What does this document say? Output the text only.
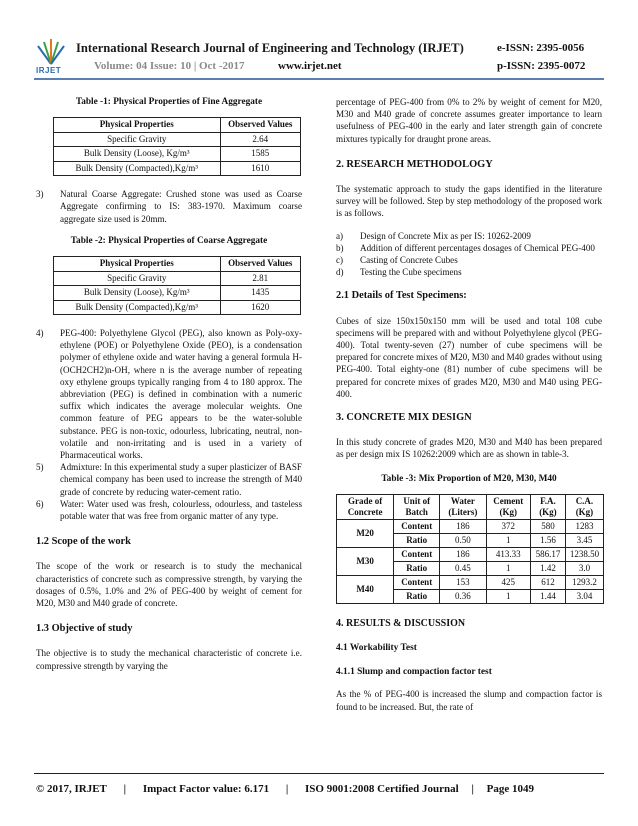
IRJET
International Research Journal of Engineering and Technology (IRJET)	e-ISSN: 2395-0056
Volume: 04 Issue: 10 | Oct -2017	www.irjet.net	p-ISSN: 2395-0072
Table -1: Physical Properties of Fine Aggregate
Physical Properties	Observed Values
Specific Gravity	2.64
Bulk Density (Loose), Kg/m³	1585
Bulk Density (Compacted),Kg/m³	1610
3)	Natural Coarse Aggregate: Crushed stone was used as Coarse Aggregate confirming to IS: 383-1970. Maximum coarse aggregate size used is 20mm.
Table -2: Physical Properties of Coarse Aggregate
Physical Properties	Observed Values
Specific Gravity	2.81
Bulk Density (Loose), Kg/m³	1435
Bulk Density (Compacted),Kg/m³	1620
4)	PEG-400: Polyethylene Glycol (PEG), also known as Poly-oxy-ethylene (POE) or Polyethylene Oxide (PEO), is a condensation polymer of ethylene oxide and water having a general formula H-(OCH2CH2)n-OH, where n is the average number of repeating oxy ethylene groups typically ranging from 4 to 180 approx. The abbreviation (PEG) is defined in combination with a numeric suffix which indicates the average molecular weights. One common feature of PEG appears to be the water-soluble substance. PEG is non-toxic, odourless, lubricating, neutral, non-volatile and non-irritating and is used in a variety of Pharmaceutical works.
5)	Admixture: In this experimental study a super plasticizer of BASF chemical company has been used to increase the strength of M40 grade of concrete by reducing water-cement ratio.
6)	Water: Water used was fresh, colourless, odourless, and tasteless potable water that was free from organic matter of any type.
1.2 Scope of the work

The scope of the work or research is to study the mechanical characteristics of concrete such as compressive strength, by varying the dosages of 0.5%, 1.0% and 2% of PEG-400 by weight of cement for M20, M30 and M40 grade of concrete.

1.3 Objective of study

The objective is to study the mechanical characteristic of concrete i.e. compressive strength by varying the

percentage of PEG-400 from 0% to 2% by weight of cement for M20, M30 and M40 grade of concrete assumes greater importance to learn usefulness of PEG-400 in the early and later strength gain of concrete mixtures typically for draught prone areas.

2. RESEARCH METHODOLOGY

The systematic approach to study the gaps identified in the literature survey will be followed. Step by step methodology of the proposed work is as follows.

a)	Design of Concrete Mix as per IS: 10262-2009
b)	Addition of different percentages dosages of Chemical PEG-400
c)	Casting of Concrete Cubes
d)	Testing the Cube specimens
2.1 Details of Test Specimens:

Cubes of size 150x150x150 mm will be used and total 108 cube specimens will be prepared with and without Polyethylene glycol (PEG-400). Total twenty-seven (27) number of cube specimens will be prepared for concrete mixes of M20, M30 and M40 grades without using PEG-400. Total eighty-one (81) number of cube specimens will be prepared for concrete mixes of grades M20, M30 and M40 using PEG-400.

3. CONCRETE MIX DESIGN

In this study concrete of grades M20, M30 and M40 has been prepared as per design mix IS 10262:2009 which are as shown in table-3.

Table -3: Mix Proportion of M20, M30, M40
Grade of Concrete	Unit of Batch	Water (Liters)	Cement (Kg)	F.A. (Kg)	C.A. (Kg)
M20	Content	186	372	580	1283
	Ratio	0.50	1	1.56	3.45
M30	Content	186	413.33	586.17	1238.50
	Ratio	0.45	1	1.42	3.0
M40	Content	153	425	612	1293.2
	Ratio	0.36	1	1.44	3.04
4. RESULTS & DISCUSSION
4.1 Workability Test
4.1.1 Slump and compaction factor test

As the % of PEG-400 is increased the slump and compaction factor is found to be increased. But, the rate of

© 2017, IRJET | Impact Factor value: 6.171 | ISO 9001:2008 Certified Journal | Page 1049
